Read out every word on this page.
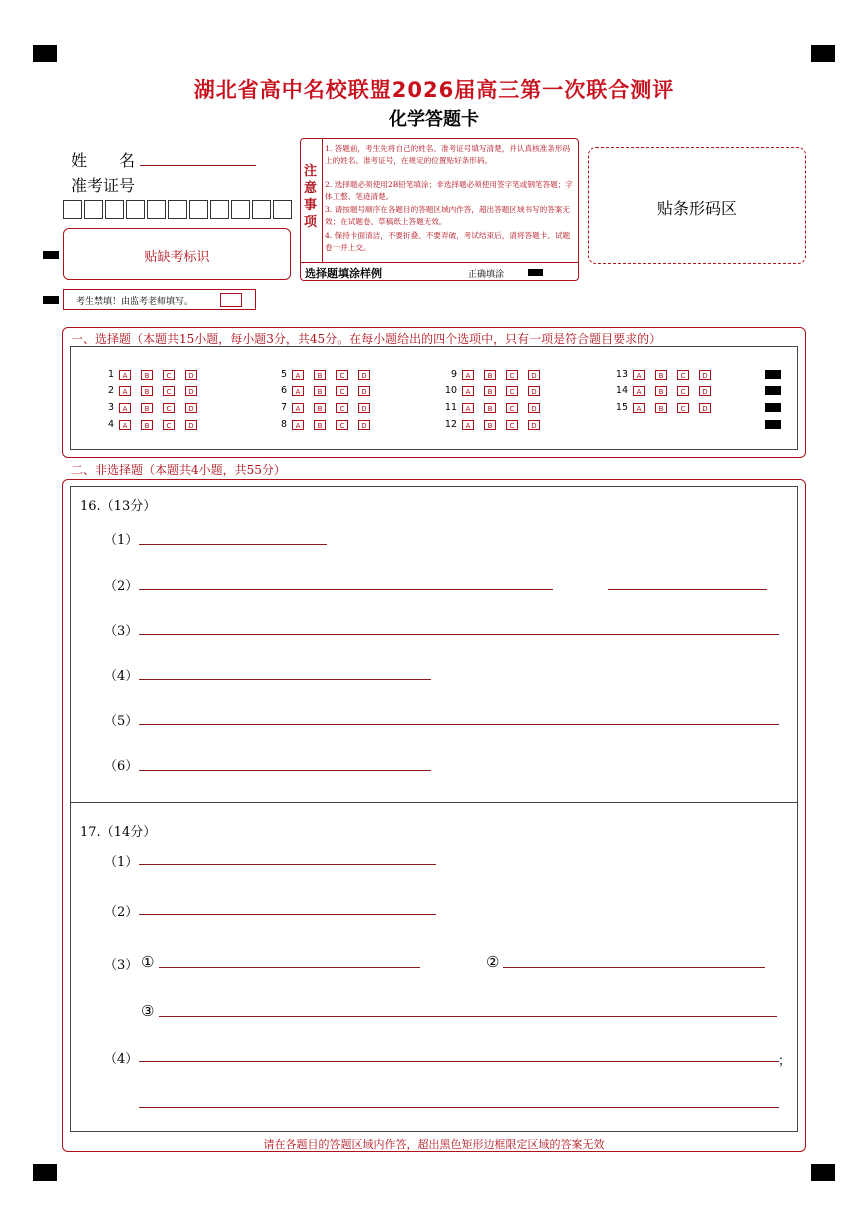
湖北省高中名校联盟2026届高三第一次联合测评
化学答题卡
姓　　名
准考证号
贴缺考标识
考生禁填！由监考老师填写。
注意事项
1. 答题前，考生先将自己的姓名、准考证号填写清楚，并认真核准条形码上的姓名、准考证号，在规定的位置贴好条形码。
2. 选择题必须使用2B铅笔填涂；非选择题必须使用签字笔或钢笔答题；字体工整、笔迹清楚。
3. 请按题号顺序在各题目的答题区域内作答，超出答题区域书写的答案无效；在试题卷、草稿纸上答题无效。
4. 保持卡面清洁，不要折叠、不要弄破，考试结束后，请将答题卡、试题卷一并上交。
选择题填涂样例	正确填涂
贴条形码区
一、选择题（本题共15小题，每小题3分，共45分。在每小题给出的四个选项中，只有一项是符合题目要求的）
1 A B C D
2 A B C D
3 A B C D
4 A B C D
5 A B C D
6 A B C D
7 A B C D
8 A B C D
9 A B C D
10 A B C D
11 A B C D
12 A B C D
13 A B C D
14 A B C D
15 A B C D
二、非选择题（本题共4小题，共55分）
16.（13分）
（1）
（2）
（3）
（4）
（5）
（6）
17.（14分）
（1）
（2）
（3） ①	②
③
（4）	；
请在各题目的答题区域内作答，超出黑色矩形边框限定区域的答案无效
